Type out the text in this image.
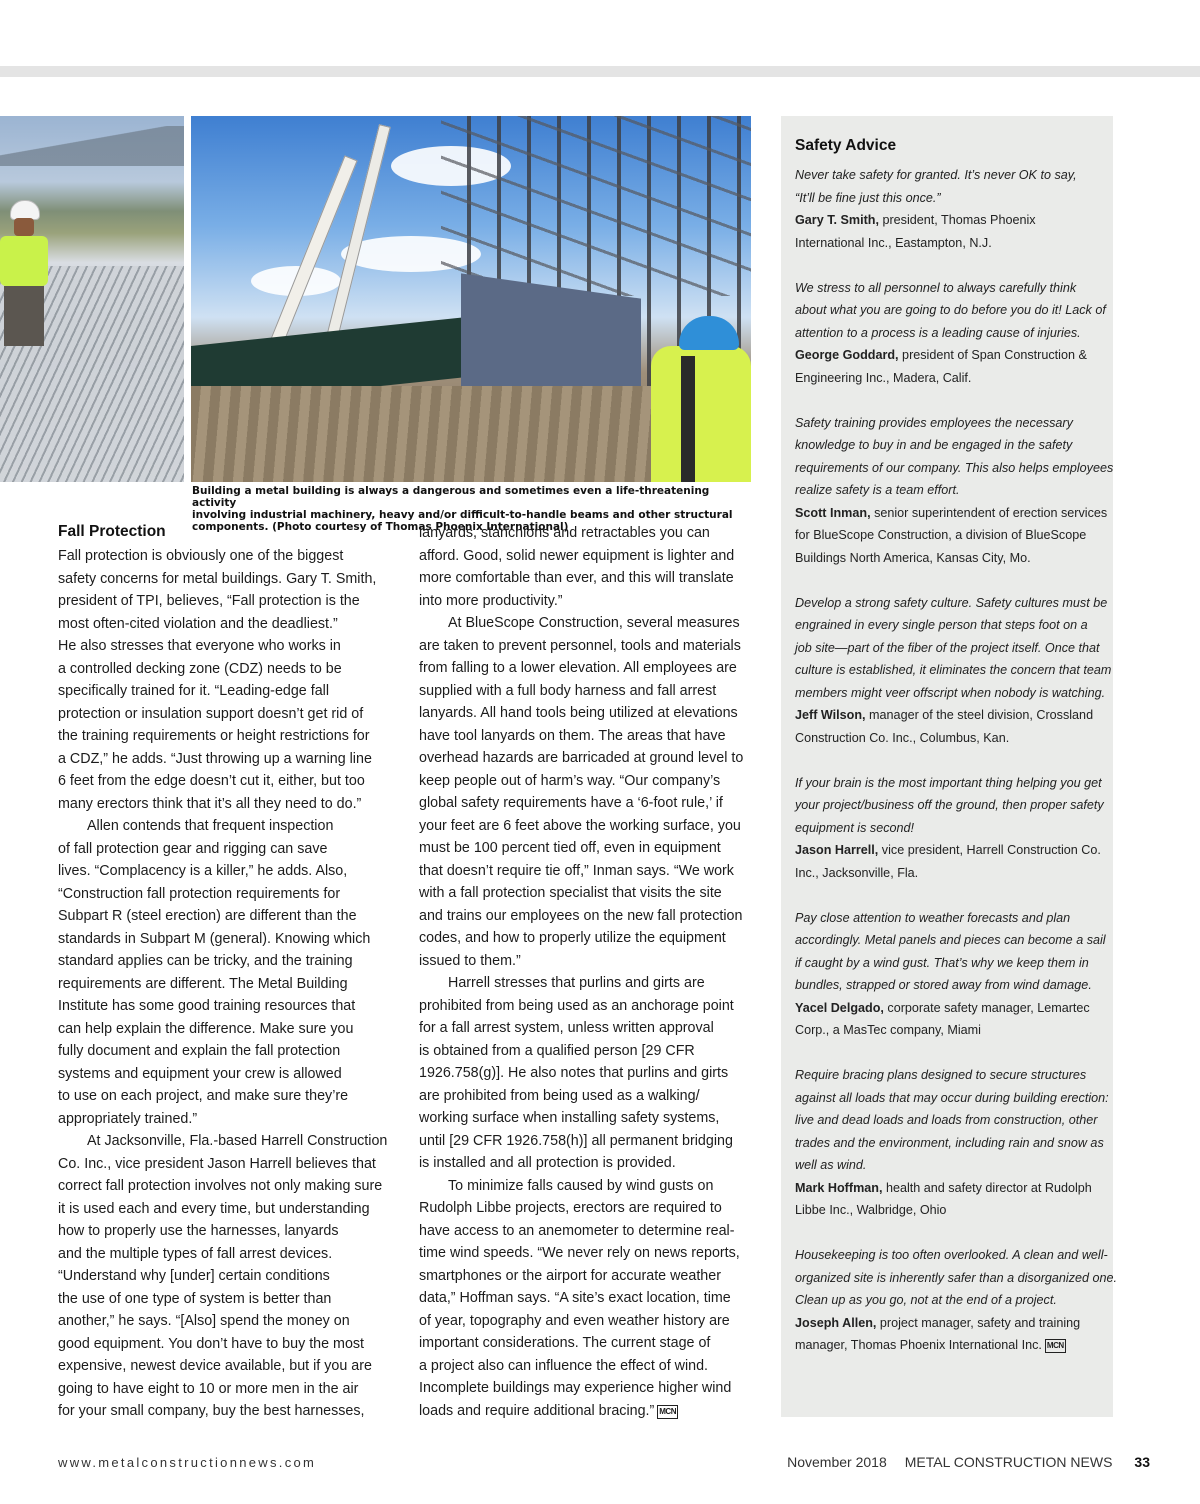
Building a metal building is always a dangerous and sometimes even a life-threatening activity
involving industrial machinery, heavy and/or difficult-to-handle beams and other structural
components. (Photo courtesy of Thomas Phoenix International)
Fall Protection

Fall protection is obviously one of the biggest

safety concerns for metal buildings. Gary T. Smith,

president of TPI, believes, “Fall protection is the

most often-cited violation and the deadliest.”

He also stresses that everyone who works in

a controlled decking zone (CDZ) needs to be

specifically trained for it. “Leading-edge fall

protection or insulation support doesn’t get rid of

the training requirements or height restrictions for

a CDZ,” he adds. “Just throwing up a warning line

6 feet from the edge doesn’t cut it, either, but too

many erectors think that it’s all they need to do.”

Allen contends that frequent inspection

of fall protection gear and rigging can save

lives. “Complacency is a killer,” he adds. Also,

“Construction fall protection requirements for

Subpart R (steel erection) are different than the

standards in Subpart M (general). Knowing which

standard applies can be tricky, and the training

requirements are different. The Metal Building

Institute has some good training resources that

can help explain the difference. Make sure you

fully document and explain the fall protection

systems and equipment your crew is allowed

to use on each project, and make sure they’re

appropriately trained.”

At Jacksonville, Fla.-based Harrell Construction

Co. Inc., vice president Jason Harrell believes that

correct fall protection involves not only making sure

it is used each and every time, but understanding

how to properly use the harnesses, lanyards

and the multiple types of fall arrest devices.

“Understand why [under] certain conditions

the use of one type of system is better than

another,” he says. “[Also] spend the money on

good equipment. You don’t have to buy the most

expensive, newest device available, but if you are

going to have eight to 10 or more men in the air

for your small company, buy the best harnesses,

lanyards, stanchions and retractables you can

afford. Good, solid newer equipment is lighter and

more comfortable than ever, and this will translate

into more productivity.”

At BlueScope Construction, several measures

are taken to prevent personnel, tools and materials

from falling to a lower elevation. All employees are

supplied with a full body harness and fall arrest

lanyards. All hand tools being utilized at elevations

have tool lanyards on them. The areas that have

overhead hazards are barricaded at ground level to

keep people out of harm’s way. “Our company’s

global safety requirements have a ‘6-foot rule,’ if

your feet are 6 feet above the working surface, you

must be 100 percent tied off, even in equipment

that doesn’t require tie off,” Inman says. “We work

with a fall protection specialist that visits the site

and trains our employees on the new fall protection

codes, and how to properly utilize the equipment

issued to them.”

Harrell stresses that purlins and girts are

prohibited from being used as an anchorage point

for a fall arrest system, unless written approval

is obtained from a qualified person [29 CFR

1926.758(g)]. He also notes that purlins and girts

are prohibited from being used as a walking/

working surface when installing safety systems,

until [29 CFR 1926.758(h)] all permanent bridging

is installed and all protection is provided.

To minimize falls caused by wind gusts on

Rudolph Libbe projects, erectors are required to

have access to an anemometer to determine real-

time wind speeds. “We never rely on news reports,

smartphones or the airport for accurate weather

data,” Hoffman says. “A site’s exact location, time

of year, topography and even weather history are

important considerations. The current stage of

a project also can influence the effect of wind.

Incomplete buildings may experience higher wind

loads and require additional bracing.” MCN

Safety Advice

Never take safety for granted. It’s never OK to say,

“It’ll be fine just this once.”

Gary T. Smith, president, Thomas Phoenix

International Inc., Eastampton, N.J.

We stress to all personnel to always carefully think

about what you are going to do before you do it! Lack of

attention to a process is a leading cause of injuries.

George Goddard, president of Span Construction &

Engineering Inc., Madera, Calif.

Safety training provides employees the necessary

knowledge to buy in and be engaged in the safety

requirements of our company. This also helps employees

realize safety is a team effort.

Scott Inman, senior superintendent of erection services

for BlueScope Construction, a division of BlueScope

Buildings North America, Kansas City, Mo.

Develop a strong safety culture. Safety cultures must be

engrained in every single person that steps foot on a

job site—part of the fiber of the project itself. Once that

culture is established, it eliminates the concern that team

members might veer offscript when nobody is watching.

Jeff Wilson, manager of the steel division, Crossland

Construction Co. Inc., Columbus, Kan.

If your brain is the most important thing helping you get

your project/business off the ground, then proper safety

equipment is second!

Jason Harrell, vice president, Harrell Construction Co.

Inc., Jacksonville, Fla.

Pay close attention to weather forecasts and plan

accordingly. Metal panels and pieces can become a sail

if caught by a wind gust. That’s why we keep them in

bundles, strapped or stored away from wind damage.

Yacel Delgado, corporate safety manager, Lemartec

Corp., a MasTec company, Miami

Require bracing plans designed to secure structures

against all loads that may occur during building erection:

live and dead loads and loads from construction, other

trades and the environment, including rain and snow as

well as wind.

Mark Hoffman, health and safety director at Rudolph

Libbe Inc., Walbridge, Ohio

Housekeeping is too often overlooked. A clean and well-

organized site is inherently safer than a disorganized one.

Clean up as you go, not at the end of a project.

Joseph Allen, project manager, safety and training

manager, Thomas Phoenix International Inc. MCN

www.metalconstructionnews.com	November 2018 METAL CONSTRUCTION NEWS 33
